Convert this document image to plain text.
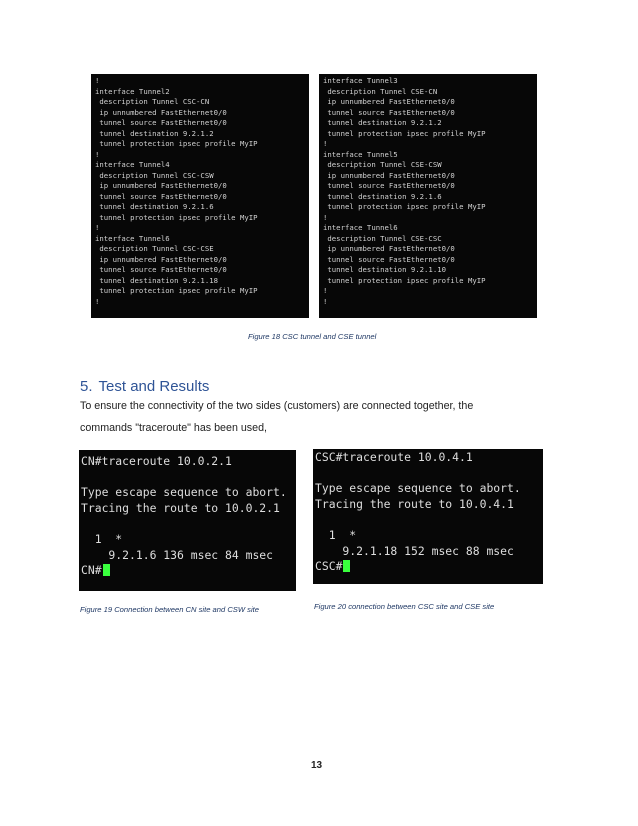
!
interface Tunnel2
description Tunnel CSC-CN
ip unnumbered FastEthernet0/0
tunnel source FastEthernet0/0
tunnel destination 9.2.1.2
tunnel protection ipsec profile MyIP
!
interface Tunnel4
description Tunnel CSC-CSW
ip unnumbered FastEthernet0/0
tunnel source FastEthernet0/0
tunnel destination 9.2.1.6
tunnel protection ipsec profile MyIP
!
interface Tunnel6
description Tunnel CSC-CSE
ip unnumbered FastEthernet0/0
tunnel source FastEthernet0/0
tunnel destination 9.2.1.18
tunnel protection ipsec profile MyIP
!
interface Tunnel3
description Tunnel CSE-CN
ip unnumbered FastEthernet0/0
tunnel source FastEthernet0/0
tunnel destination 9.2.1.2
tunnel protection ipsec profile MyIP
!
interface Tunnel5
description Tunnel CSE-CSW
ip unnumbered FastEthernet0/0
tunnel source FastEthernet0/0
tunnel destination 9.2.1.6
tunnel protection ipsec profile MyIP
!
interface Tunnel6
description Tunnel CSE-CSC
ip unnumbered FastEthernet0/0
tunnel source FastEthernet0/0
tunnel destination 9.2.1.10
tunnel protection ipsec profile MyIP
!
!
Figure 18 CSC tunnel and CSE tunnel
5. Test and Results
To ensure the connectivity of the two sides (customers) are connected together, the
commands "traceroute" has been used,
CN#traceroute 10.0.2.1

Type escape sequence to abort.
Tracing the route to 10.0.2.1

1  *
9.2.1.6 136 msec 84 msec
CN#
CSC#traceroute 10.0.4.1

Type escape sequence to abort.
Tracing the route to 10.0.4.1

1  *
9.2.1.18 152 msec 88 msec
CSC#
Figure 19 Connection between CN site and CSW site	Figure 20 connection between CSC site and CSE site
13
